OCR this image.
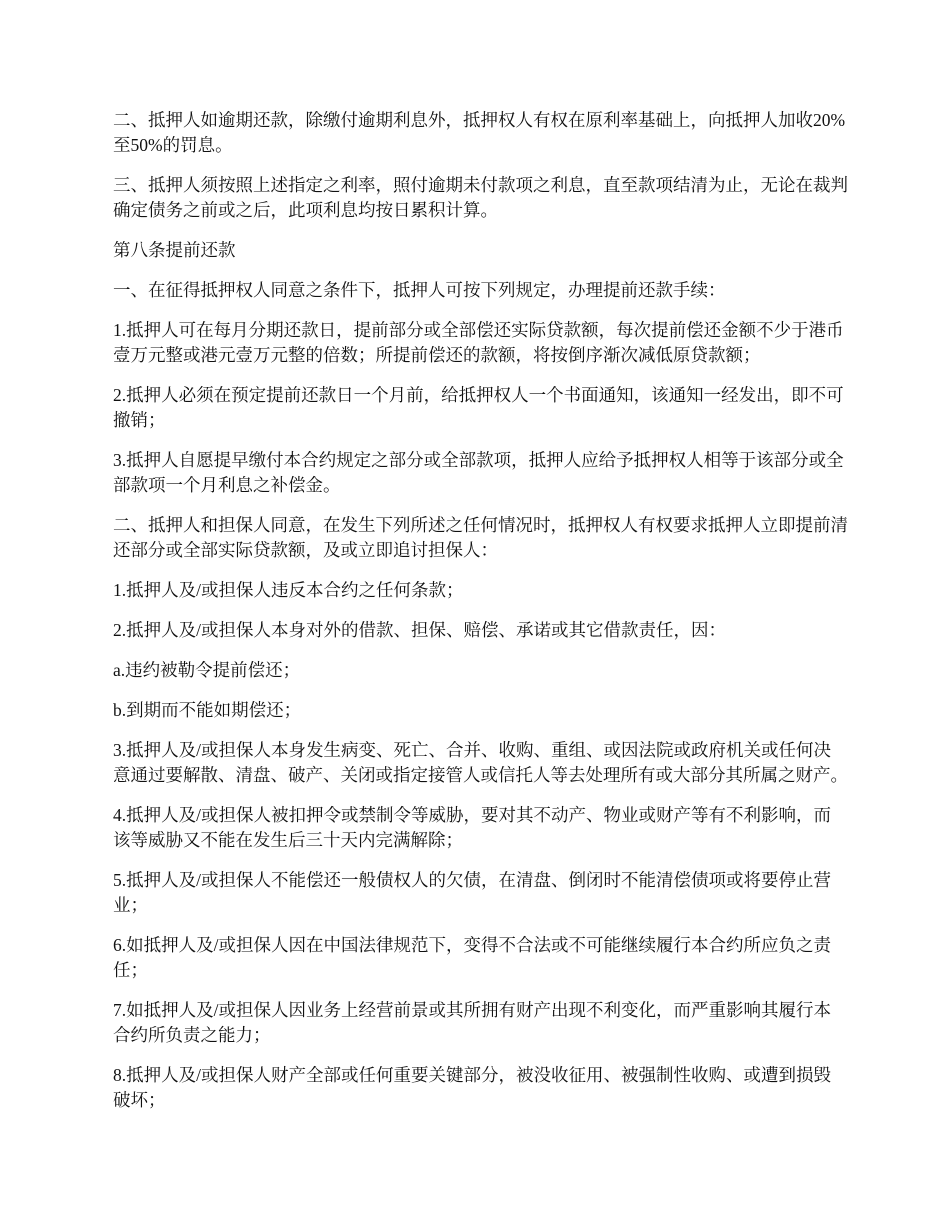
二、抵押人如逾期还款，除缴付逾期利息外，抵押权人有权在原利率基础上，向抵押人加收20%至50%的罚息。

三、抵押人须按照上述指定之利率，照付逾期未付款项之利息，直至款项结清为止，无论在裁判确定债务之前或之后，此项利息均按日累积计算。

第八条提前还款

一、在征得抵押权人同意之条件下，抵押人可按下列规定，办理提前还款手续：

1.抵押人可在每月分期还款日，提前部分或全部偿还实际贷款额，每次提前偿还金额不少于港币壹万元整或港元壹万元整的倍数；所提前偿还的款额，将按倒序渐次减低原贷款额；

2.抵押人必须在预定提前还款日一个月前，给抵押权人一个书面通知，该通知一经发出，即不可撤销；

3.抵押人自愿提早缴付本合约规定之部分或全部款项，抵押人应给予抵押权人相等于该部分或全部款项一个月利息之补偿金。

二、抵押人和担保人同意，在发生下列所述之任何情况时，抵押权人有权要求抵押人立即提前清还部分或全部实际贷款额，及或立即追讨担保人：

1.抵押人及/或担保人违反本合约之任何条款；

2.抵押人及/或担保人本身对外的借款、担保、赔偿、承诺或其它借款责任，因：

a.违约被勒令提前偿还；

b.到期而不能如期偿还；

3.抵押人及/或担保人本身发生病变、死亡、合并、收购、重组、或因法院或政府机关或任何决意通过要解散、清盘、破产、关闭或指定接管人或信托人等去处理所有或大部分其所属之财产。

4.抵押人及/或担保人被扣押令或禁制令等威胁，要对其不动产、物业或财产等有不利影响，而该等威胁又不能在发生后三十天内完满解除；

5.抵押人及/或担保人不能偿还一般债权人的欠债，在清盘、倒闭时不能清偿债项或将要停止营业；

6.如抵押人及/或担保人因在中国法律规范下，变得不合法或不可能继续履行本合约所应负之责任；

7.如抵押人及/或担保人因业务上经营前景或其所拥有财产出现不利变化，而严重影响其履行本合约所负责之能力；

8.抵押人及/或担保人财产全部或任何重要关键部分，被没收征用、被强制性收购、或遭到损毁破坏；
